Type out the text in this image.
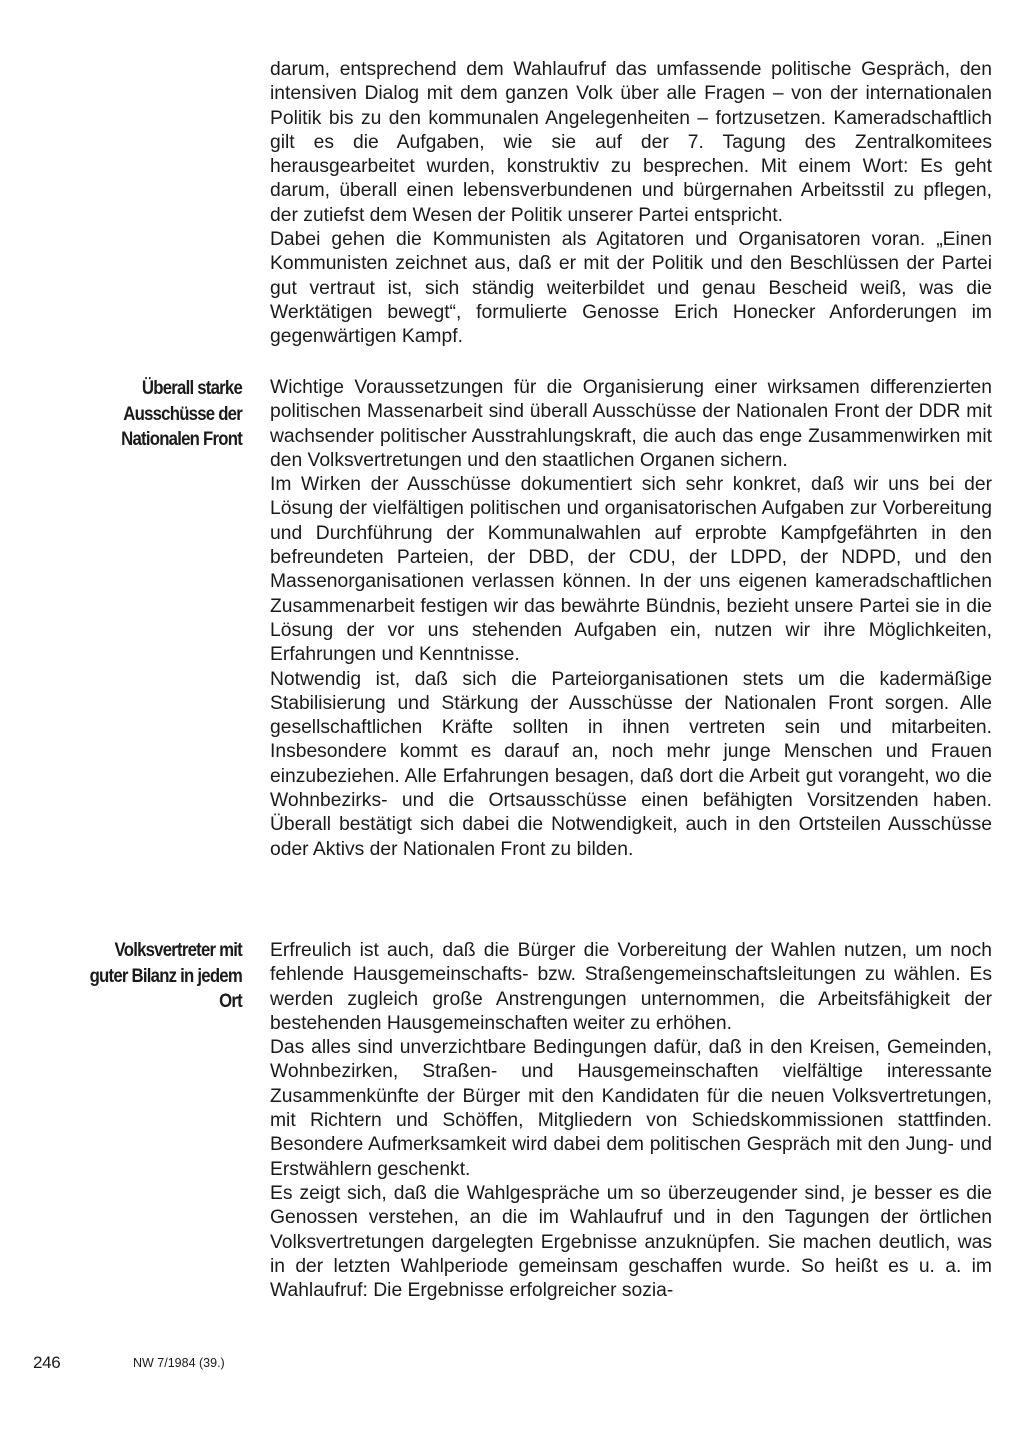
darum, entsprechend dem Wahlaufruf das umfassende politische Gespräch, den intensiven Dialog mit dem ganzen Volk über alle Fragen – von der internationalen Politik bis zu den kommunalen Angelegenheiten – fortzusetzen. Kameradschaftlich gilt es die Aufgaben, wie sie auf der 7. Tagung des Zentralkomitees herausgearbeitet wurden, konstruktiv zu besprechen. Mit einem Wort: Es geht darum, überall einen lebensverbundenen und bürgernahen Arbeitsstil zu pflegen, der zutiefst dem Wesen der Politik unserer Partei entspricht.

Dabei gehen die Kommunisten als Agitatoren und Organisatoren voran. „Einen Kommunisten zeichnet aus, daß er mit der Politik und den Beschlüssen der Partei gut vertraut ist, sich ständig weiterbildet und genau Bescheid weiß, was die Werktätigen bewegt“, formulierte Genosse Erich Honecker Anforderungen im gegenwärtigen Kampf.

Überall starke Ausschüsse der Nationalen Front

Wichtige Voraussetzungen für die Organisierung einer wirksamen differenzierten politischen Massenarbeit sind überall Ausschüsse der Nationalen Front der DDR mit wachsender politischer Ausstrahlungskraft, die auch das enge Zusammenwirken mit den Volksvertretungen und den staatlichen Organen sichern.

Im Wirken der Ausschüsse dokumentiert sich sehr konkret, daß wir uns bei der Lösung der vielfältigen politischen und organisatorischen Aufgaben zur Vorbereitung und Durchführung der Kommunalwahlen auf erprobte Kampfgefährten in den befreundeten Parteien, der DBD, der CDU, der LDPD, der NDPD, und den Massenorganisationen verlassen können. In der uns eigenen kameradschaftlichen Zusammenarbeit festigen wir das bewährte Bündnis, bezieht unsere Partei sie in die Lösung der vor uns stehenden Aufgaben ein, nutzen wir ihre Möglichkeiten, Erfahrungen und Kenntnisse.

Notwendig ist, daß sich die Parteiorganisationen stets um die kadermäßige Stabilisierung und Stärkung der Ausschüsse der Nationalen Front sorgen. Alle gesellschaftlichen Kräfte sollten in ihnen vertreten sein und mitarbeiten. Insbesondere kommt es darauf an, noch mehr junge Menschen und Frauen einzubeziehen. Alle Erfahrungen besagen, daß dort die Arbeit gut vorangeht, wo die Wohnbezirks- und die Ortsausschüsse einen befähigten Vorsitzenden haben. Überall bestätigt sich dabei die Notwendigkeit, auch in den Ortsteilen Ausschüsse oder Aktivs der Nationalen Front zu bilden.

Volksvertreter mit guter Bilanz in jedem Ort

Erfreulich ist auch, daß die Bürger die Vorbereitung der Wahlen nutzen, um noch fehlende Hausgemeinschafts- bzw. Straßengemeinschaftsleitungen zu wählen. Es werden zugleich große Anstrengungen unternommen, die Arbeitsfähigkeit der bestehenden Hausgemeinschaften weiter zu erhöhen.

Das alles sind unverzichtbare Bedingungen dafür, daß in den Kreisen, Gemeinden, Wohnbezirken, Straßen- und Hausgemeinschaften vielfältige interessante Zusammenkünfte der Bürger mit den Kandidaten für die neuen Volksvertretungen, mit Richtern und Schöffen, Mitgliedern von Schiedskommissionen stattfinden. Besondere Aufmerksamkeit wird dabei dem politischen Gespräch mit den Jung- und Erstwählern geschenkt.

Es zeigt sich, daß die Wahlgespräche um so überzeugender sind, je besser es die Genossen verstehen, an die im Wahlaufruf und in den Tagungen der örtlichen Volksvertretungen dargelegten Ergebnisse anzuknüpfen. Sie machen deutlich, was in der letzten Wahlperiode gemeinsam geschaffen wurde. So heißt es u. a. im Wahlaufruf: Die Ergebnisse erfolgreicher sozia-

246	NW 7/1984 (39.)
